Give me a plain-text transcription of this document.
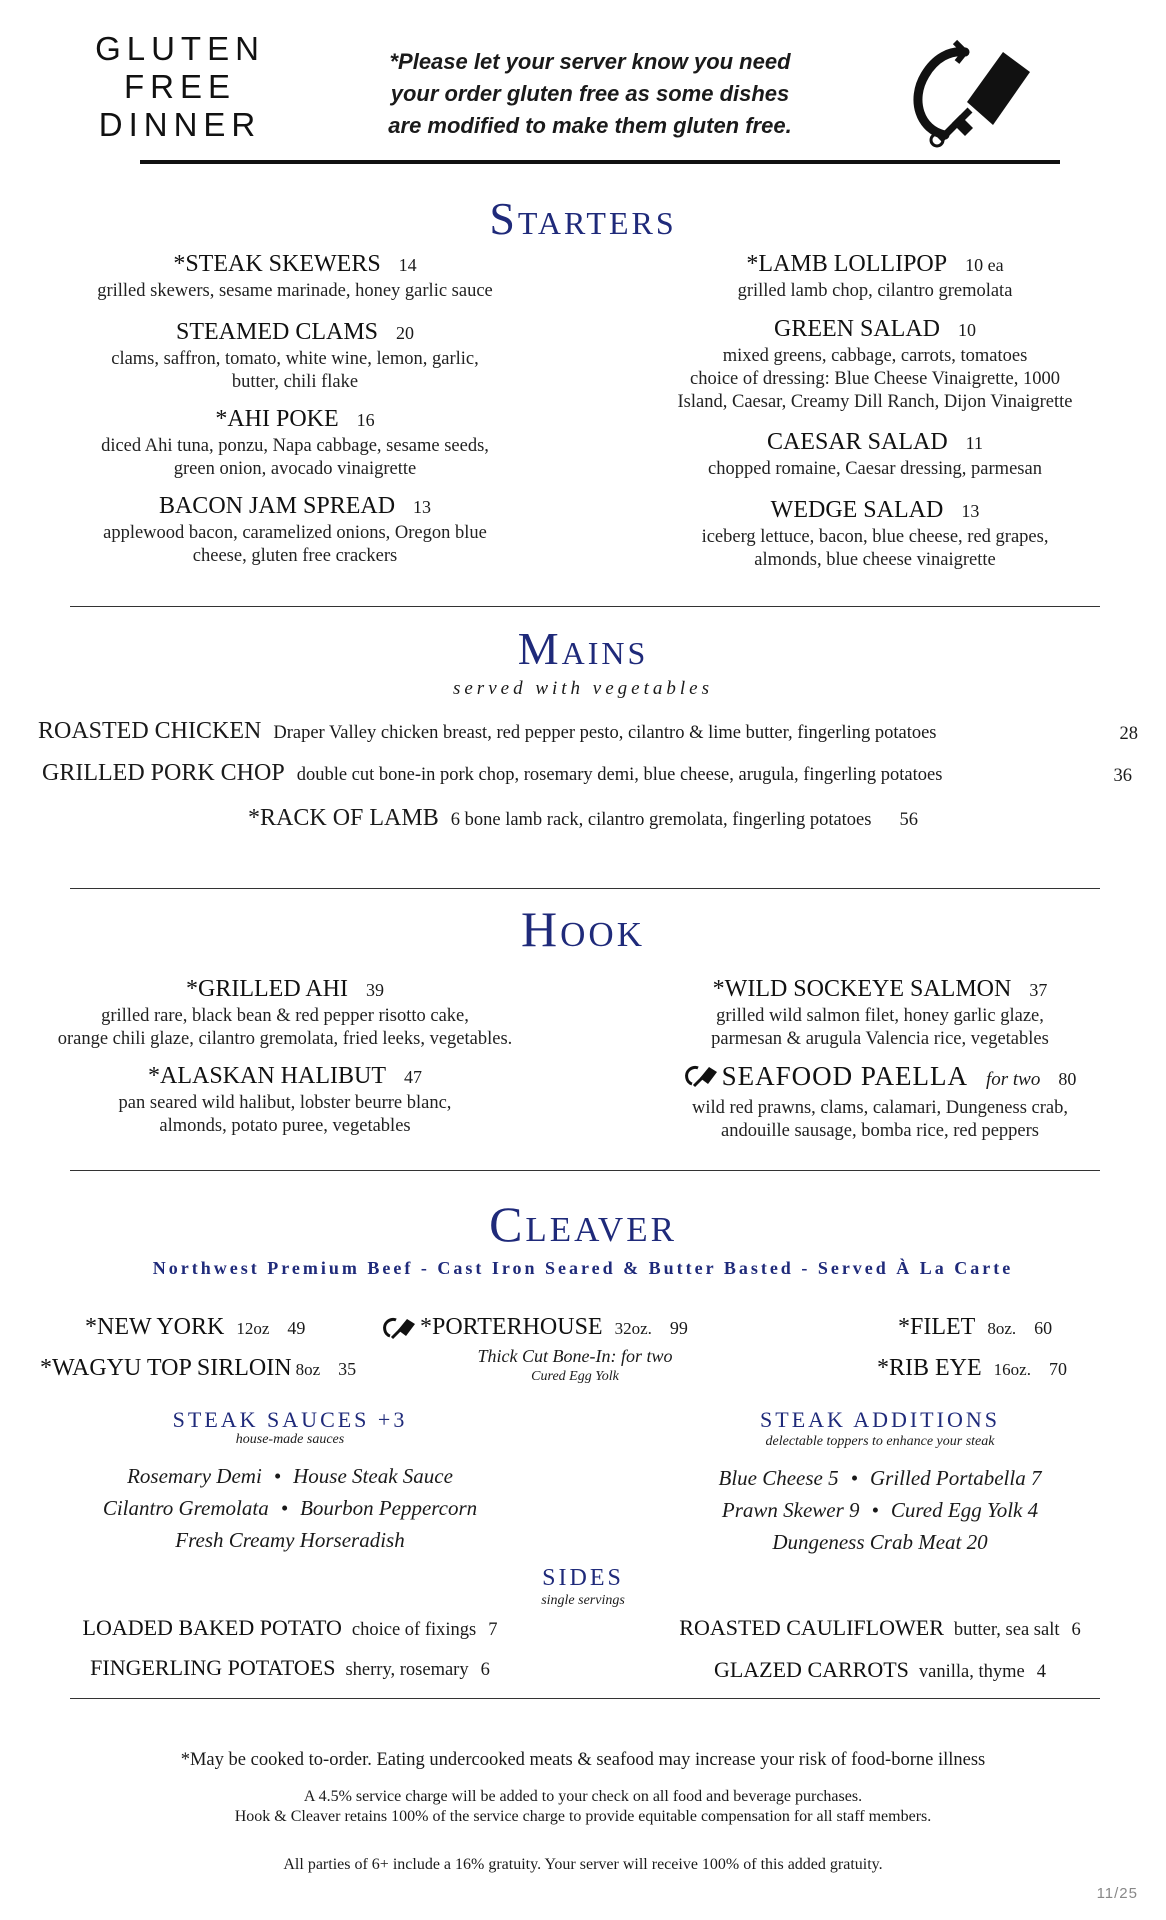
GLUTEN
FREE
DINNER
*Please let your server know you need
your order gluten free as some dishes
are modified to make them gluten free.
Starters
*STEAK SKEWERS 14
grilled skewers, sesame marinade, honey garlic sauce
STEAMED CLAMS 20
clams, saffron, tomato, white wine, lemon, garlic,
butter, chili flake
*AHI POKE 16
diced Ahi tuna, ponzu, Napa cabbage, sesame seeds,
green onion, avocado vinaigrette
BACON JAM SPREAD 13
applewood bacon, caramelized onions, Oregon blue
cheese, gluten free crackers
*LAMB LOLLIPOP 10 ea
grilled lamb chop, cilantro gremolata
GREEN SALAD 10
mixed greens, cabbage, carrots, tomatoes
choice of dressing: Blue Cheese Vinaigrette, 1000
Island, Caesar, Creamy Dill Ranch, Dijon Vinaigrette
CAESAR SALAD 11
chopped romaine, Caesar dressing, parmesan
WEDGE SALAD 13
iceberg lettuce, bacon, blue cheese, red grapes,
almonds, blue cheese vinaigrette
Mains
served with vegetables
ROASTED CHICKEN Draper Valley chicken breast, red pepper pesto, cilantro & lime butter, fingerling potatoes	28
GRILLED PORK CHOP double cut bone-in pork chop, rosemary demi, blue cheese, arugula, fingerling potatoes	36
*RACK OF LAMB 6 bone lamb rack, cilantro gremolata, fingerling potatoes 56
Hook
*GRILLED AHI 39
grilled rare, black bean & red pepper risotto cake,
orange chili glaze, cilantro gremolata, fried leeks, vegetables.
*ALASKAN HALIBUT 47
pan seared wild halibut, lobster beurre blanc,
almonds, potato puree, vegetables
*WILD SOCKEYE SALMON 37
grilled wild salmon filet, honey garlic glaze,
parmesan & arugula Valencia rice, vegetables
SEAFOOD PAELLA for two 80
wild red prawns, clams, calamari, Dungeness crab,
andouille sausage, bomba rice, red peppers
Cleaver
Northwest Premium Beef - Cast Iron Seared & Butter Basted - Served À La Carte
*NEW YORK 12oz 49
*WAGYU TOP SIRLOIN 8oz 35
*PORTERHOUSE 32oz. 99
Thick Cut Bone-In: for two
Cured Egg Yolk
*FILET 8oz. 60
*RIB EYE 16oz. 70
STEAK SAUCES +3
house-made sauces
Rosemary Demi • House Steak Sauce
Cilantro Gremolata • Bourbon Peppercorn
Fresh Creamy Horseradish
STEAK ADDITIONS
delectable toppers to enhance your steak
Blue Cheese 5 • Grilled Portabella 7
Prawn Skewer 9 • Cured Egg Yolk 4
Dungeness Crab Meat 20
SIDES
single servings
LOADED BAKED POTATO choice of fixings 7
FINGERLING POTATOES sherry, rosemary 6
ROASTED CAULIFLOWER butter, sea salt 6
GLAZED CARROTS vanilla, thyme 4
*May be cooked to-order. Eating undercooked meats & seafood may increase your risk of food-borne illness
A 4.5% service charge will be added to your check on all food and beverage purchases.
Hook & Cleaver retains 100% of the service charge to provide equitable compensation for all staff members.
All parties of 6+ include a 16% gratuity. Your server will receive 100% of this added gratuity.
11/25
